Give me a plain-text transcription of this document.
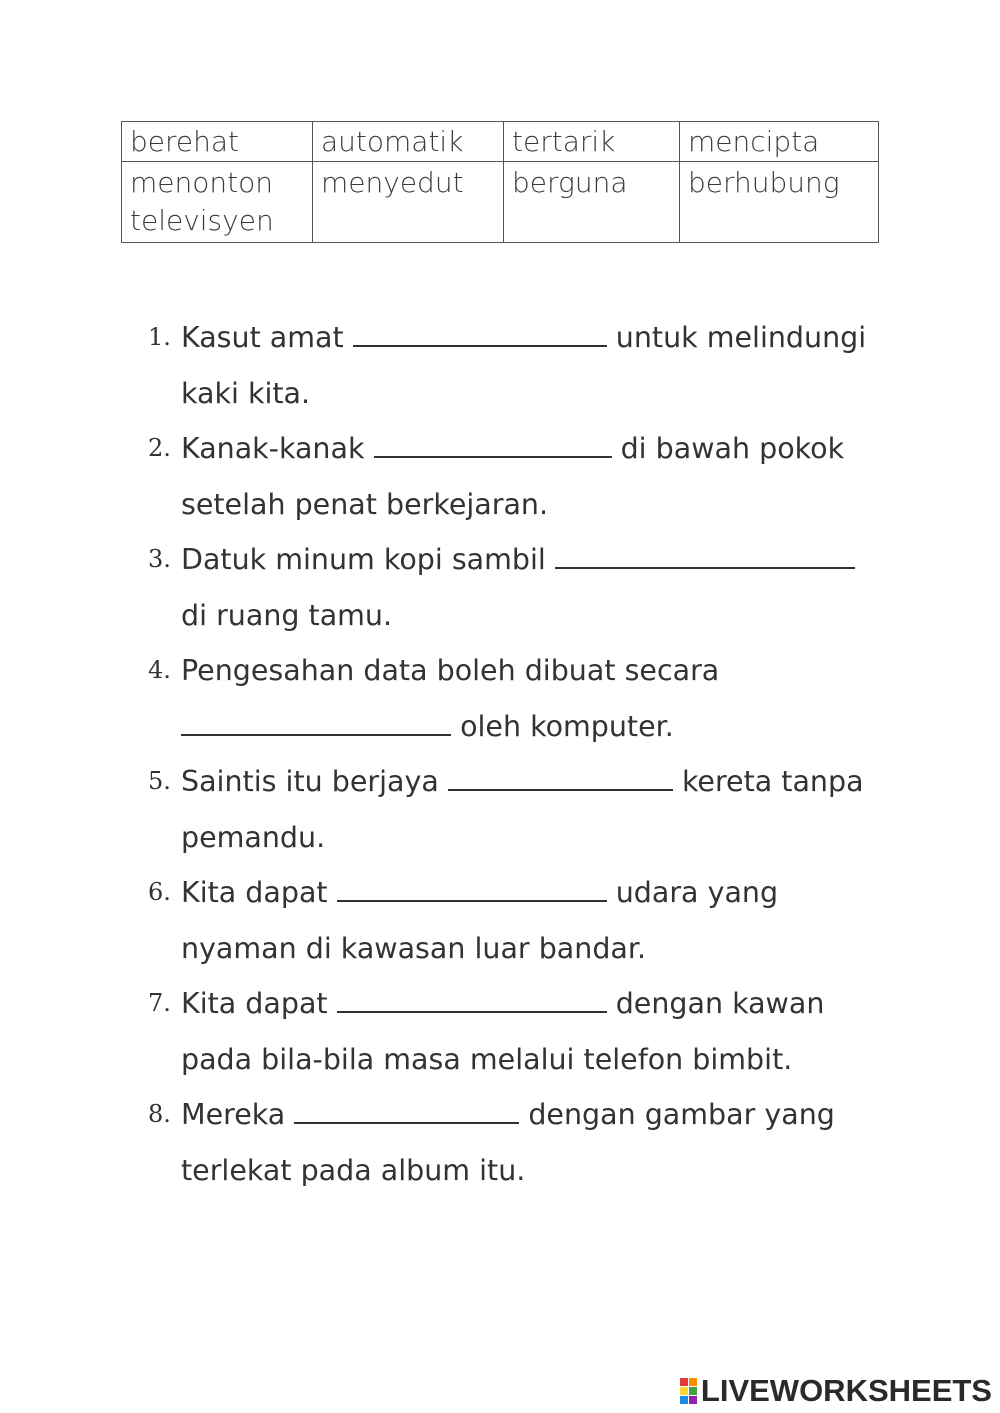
berehat	automatik	tertarik	mencipta
menonton televisyen	menyedut	berguna	berhubung
1. Kasut amat	untuk melindungi kaki kita.
2. Kanak-kanak	di bawah pokok setelah penat berkejaran.
3. Datuk minum kopi sambil  di ruang tamu.
4. Pengesahan data boleh dibuat secara  oleh komputer.
5. Saintis itu berjaya	kereta tanpa pemandu.
6. Kita dapat	udara yang nyaman di kawasan luar bandar.
7. Kita dapat	dengan kawan pada bila-bila masa melalui telefon bimbit.
8. Mereka	dengan gambar yang terlekat pada album itu.
LIVEWORKSHEETS
